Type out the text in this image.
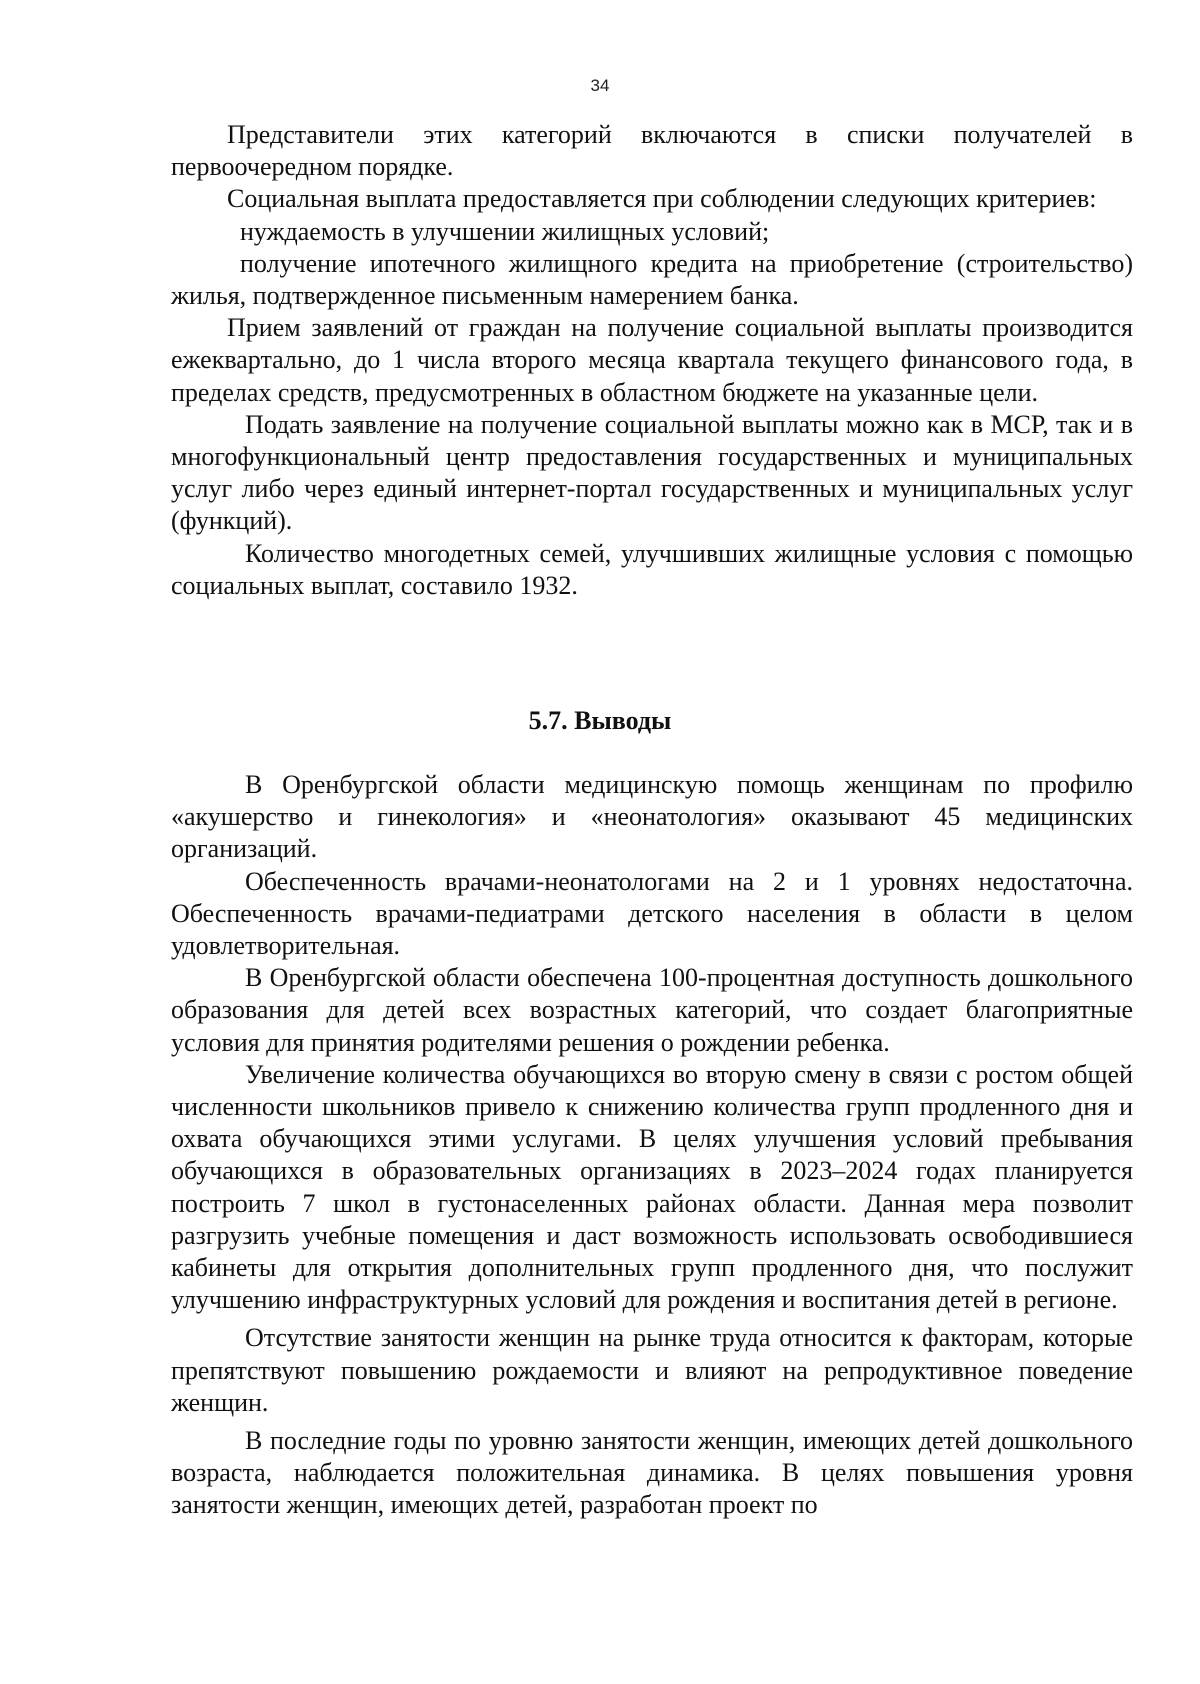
34

Представители этих категорий включаются в списки получателей в первоочередном порядке.

Социальная выплата предоставляется при соблюдении следующих критериев:

нуждаемость в улучшении жилищных условий;

получение ипотечного жилищного кредита на приобретение (строительство) жилья, подтвержденное письменным намерением банка.

Прием заявлений от граждан на получение социальной выплаты производится ежеквартально, до 1 числа второго месяца квартала текущего финансового года, в пределах средств, предусмотренных в областном бюджете на указанные цели.

Подать заявление на получение социальной выплаты можно как в МСР, так и в многофункциональный центр предоставления государственных и муниципальных услуг либо через единый интернет-портал государственных и муниципальных услуг (функций).

Количество многодетных семей, улучшивших жилищные условия с помощью социальных выплат, составило 1932.

5.7. Выводы

В Оренбургской области медицинскую помощь женщинам по профилю «акушерство и гинекология» и «неонатология» оказывают 45 медицинских организаций.

Обеспеченность врачами-неонатологами на 2 и 1 уровнях недостаточна. Обеспеченность врачами-педиатрами детского населения в области в целом удовлетворительная.

В Оренбургской области обеспечена 100-процентная доступность дошкольного образования для детей всех возрастных категорий, что создает благоприятные условия для принятия родителями решения о рождении ребенка.

Увеличение количества обучающихся во вторую смену в связи с ростом общей численности школьников привело к снижению количества групп продленного дня и охвата обучающихся этими услугами. В целях улучшения условий пребывания обучающихся в образовательных организациях в 2023–2024 годах планируется построить 7 школ в густонаселенных районах области. Данная мера позволит разгрузить учебные помещения и даст возможность использовать освободившиеся кабинеты для открытия дополнительных групп продленного дня, что послужит улучшению инфраструктурных условий для рождения и воспитания детей в регионе.

Отсутствие занятости женщин на рынке труда относится к факторам, которые препятствуют повышению рождаемости и влияют на репродуктивное поведение женщин.

В последние годы по уровню занятости женщин, имеющих детей дошкольного возраста, наблюдается положительная динамика. В целях повышения уровня занятости женщин, имеющих детей, разработан проект по
